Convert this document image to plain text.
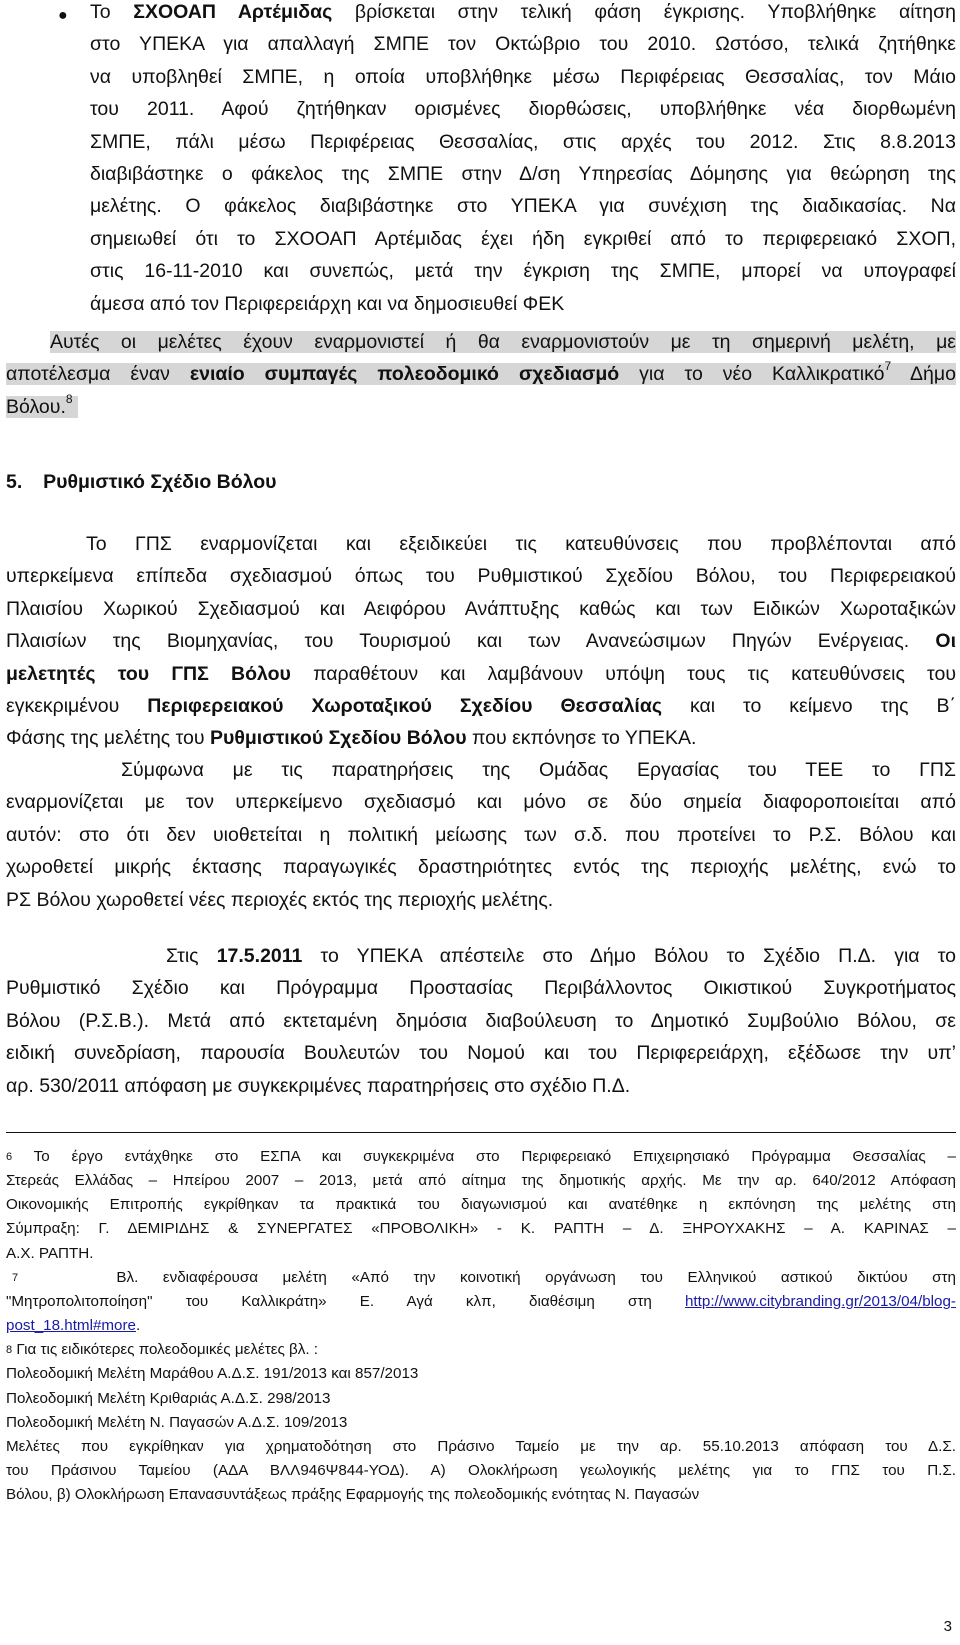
● Το ΣΧΟΟΑΠ Αρτέμιδας βρίσκεται στην τελική φάση έγκρισης. Υποβλήθηκε αίτηση

στο ΥΠΕΚΑ για απαλλαγή ΣΜΠΕ τον Οκτώβριο του 2010. Ωστόσο, τελικά ζητήθηκε

να υποβληθεί ΣΜΠΕ, η οποία υποβλήθηκε μέσω Περιφέρειας Θεσσαλίας, τον Μάιο

του 2011. Αφού ζητήθηκαν ορισμένες διορθώσεις, υποβλήθηκε νέα διορθωμένη

ΣΜΠΕ, πάλι μέσω Περιφέρειας Θεσσαλίας, στις αρχές του 2012. Στις 8.8.2013

διαβιβάστηκε ο φάκελος της ΣΜΠΕ στην Δ/ση Υπηρεσίας Δόμησης για θεώρηση της

μελέτης. Ο φάκελος διαβιβάστηκε στο ΥΠΕΚΑ για συνέχιση της διαδικασίας. Να

σημειωθεί ότι το ΣΧΟΟΑΠ Αρτέμιδας έχει ήδη εγκριθεί από το περιφερειακό ΣΧΟΠ,

στις 16-11-2010 και συνεπώς, μετά την έγκριση της ΣΜΠΕ, μπορεί να υπογραφεί

άμεσα από τον Περιφερειάρχη και να δημοσιευθεί ΦΕΚ

Αυτές οι μελέτες έχουν εναρμονιστεί ή θα εναρμονιστούν με τη σημερινή μελέτη, με

αποτέλεσμα έναν ενιαίο συμπαγές πολεοδομικό σχεδιασμό για το νέο Καλλικρατικό$^7$ Δήμο

Βόλου.$^8$

5. Ρυθμιστικό Σχέδιο Βόλου

Το ΓΠΣ εναρμονίζεται και εξειδικεύει τις κατευθύνσεις που προβλέπονται από

υπερκείμενα επίπεδα σχεδιασμού όπως του Ρυθμιστικού Σχεδίου Βόλου, του Περιφερειακού

Πλαισίου Χωρικού Σχεδιασμού και Αειφόρου Ανάπτυξης καθώς και των Ειδικών Χωροταξικών

Πλαισίων της Βιομηχανίας, του Τουρισμού και των Ανανεώσιμων Πηγών Ενέργειας. Οι

μελετητές του ΓΠΣ Βόλου παραθέτουν και λαμβάνουν υπόψη τους τις κατευθύνσεις του

εγκεκριμένου Περιφερειακού Χωροταξικού Σχεδίου Θεσσαλίας και το κείμενο της Β΄

Φάσης της μελέτης του Ρυθμιστικού Σχεδίου Βόλου που εκπόνησε το ΥΠΕΚΑ.

Σύμφωνα με τις παρατηρήσεις της Ομάδας Εργασίας του ΤΕΕ το ΓΠΣ

εναρμονίζεται με τον υπερκείμενο σχεδιασμό και μόνο σε δύο σημεία διαφοροποιείται από

αυτόν: στο ότι δεν υιοθετείται η πολιτική μείωσης των σ.δ. που προτείνει το Ρ.Σ. Βόλου και

χωροθετεί μικρής έκτασης παραγωγικές δραστηριότητες εντός της περιοχής μελέτης, ενώ το

ΡΣ Βόλου χωροθετεί νέες περιοχές εκτός της περιοχής μελέτης.

Στις 17.5.2011 το ΥΠΕΚΑ απέστειλε στο Δήμο Βόλου το Σχέδιο Π.Δ. για το

Ρυθμιστικό Σχέδιο και Πρόγραμμα Προστασίας Περιβάλλοντος Οικιστικού Συγκροτήματος

Βόλου (Ρ.Σ.Β.). Μετά από εκτεταμένη δημόσια διαβούλευση το Δημοτικό Συμβούλιο Βόλου, σε

ειδική συνεδρίαση, παρουσία Βουλευτών του Νομού και του Περιφερειάρχη, εξέδωσε την υπ’

αρ. 530/2011 απόφαση με συγκεκριμένες παρατηρήσεις στο σχέδιο Π.Δ.

$^6$ Το έργο εντάχθηκε στο ΕΣΠΑ και συγκεκριμένα στο Περιφερειακό Επιχειρησιακό Πρόγραμμα Θεσσαλίας –

Στερεάς Ελλάδας – Ηπείρου 2007 – 2013, μετά από αίτημα της δημοτικής αρχής. Με την αρ. 640/2012 Απόφαση

Οικονομικής Επιτροπής εγκρίθηκαν τα πρακτικά του διαγωνισμού και ανατέθηκε η εκπόνηση της μελέτης στη

Σύμπραξη: Γ. ΔΕΜΙΡΙΔΗΣ & ΣΥΝΕΡΓΑΤΕΣ «ΠΡΟΒΟΛΙΚΗ» - Κ. ΡΑΠΤΗ – Δ. ΞΗΡΟΥΧΑΚΗΣ – Α. ΚΑΡΙΝΑΣ –

Α.Χ. ΡΑΠΤΗ.

$^7$	Βλ. ενδιαφέρουσα μελέτη «Από την κοινοτική οργάνωση του Ελληνικού αστικού δικτύου στη

"Μητροπολιτοποίηση" του Καλλικράτη» Ε. Αγά κλπ, διαθέσιμη στη http://www.citybranding.gr/2013/04/blog-

post_18.html#more.

$^8$ Για τις ειδικότερες πολεοδομικές μελέτες βλ. :

Πολεοδομική Μελέτη Μαράθου Α.Δ.Σ. 191/2013 και 857/2013

Πολεοδομική Μελέτη Κριθαριάς Α.Δ.Σ. 298/2013

Πολεοδομική Μελέτη Ν. Παγασών Α.Δ.Σ. 109/2013

Μελέτες που εγκρίθηκαν για χρηματοδότηση στο Πράσινο Ταμείο με την αρ. 55.10.2013 απόφαση του Δ.Σ.

του Πράσινου Ταμείου (ΑΔΑ ΒΛΛ946Ψ844-ΥΟΔ). Α) Ολοκλήρωση γεωλογικής μελέτης για το ΓΠΣ του Π.Σ.

Βόλου, β) Ολοκλήρωση Επανασυντάξεως πράξης Εφαρμογής της πολεοδομικής ενότητας Ν. Παγασών

3
